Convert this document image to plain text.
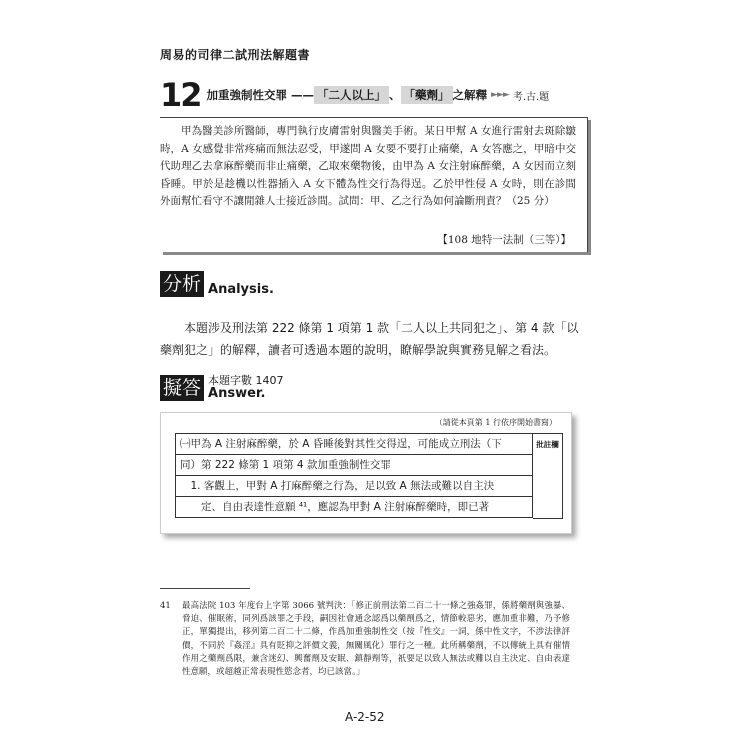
周易的司律二試刑法解題書
12 加重強制性交罪 —— 「二人以上」 、 「藥劑」 之解釋 ►►► 考.古.題

甲為醫美診所醫師，專門執行皮膚雷射與醫美手術。某日甲幫 A 女進行雷射去斑除皺時，A 女感覺非常疼痛而無法忍受，甲遂問 A 女要不要打止痛藥，A 女答應之，甲暗中交代助理乙去拿麻醉藥而非止痛藥，乙取來藥物後，由甲為 A 女注射麻醉藥，A 女因而立刻昏睡。甲於是趁機以性器插入 A 女下體為性交行為得逞。乙於甲性侵 A 女時，則在診間外面幫忙看守不讓閒雜人士接近診間。試問：甲、乙之行為如何論斷刑責？（25 分）

【108 地特一法制（三等）】
分析 Analysis.

本題涉及刑法第 222 條第 1 項第 1 款「二人以上共同犯之」、第 4 款「以藥劑犯之」的解釋，讀者可透過本題的說明，瞭解學說與實務見解之看法。

擬答 本題字數 1407
Answer.
（請從本頁第 1 行依序開始書寫）
㈠甲為 A 注射麻醉藥，於 A 昏睡後對其性交得逞，可能成立刑法（下
同）第 222 條第 1 項第 4 款加重強制性交罪
　1. 客觀上，甲對 A 打麻醉藥之行為，足以致 A 無法或難以自主決
　　定、自由表達性意願 ⁴¹，應認為甲對 A 注射麻醉藥時，即已著
批註欄
41	最高法院 103 年度台上字第 3066 號判決：「修正前刑法第二百二十一條之強姦罪，係將藥劑與強暴、脅迫、催眠術，同列爲該罪之手段，嗣因社會通念認爲以藥劑爲之，情節較惡劣，應加重非難，乃予修正，單獨提出，移列第二百二十二條，作爲加重強制性交（按『性交』一詞，係中性文字，不涉法律評價，不同於『姦淫』具有貶抑之評價文義，無關風化）罪行之一種。此所稱藥劑，不以傳統上具有催情作用之藥劑爲限，兼含迷幻、興奮劑及安眠、鎮靜劑等，祇要足以致人無法或難以自主決定、自由表達性意願，或超越正常表現性慾念者，均已該當。」

A-2-52
